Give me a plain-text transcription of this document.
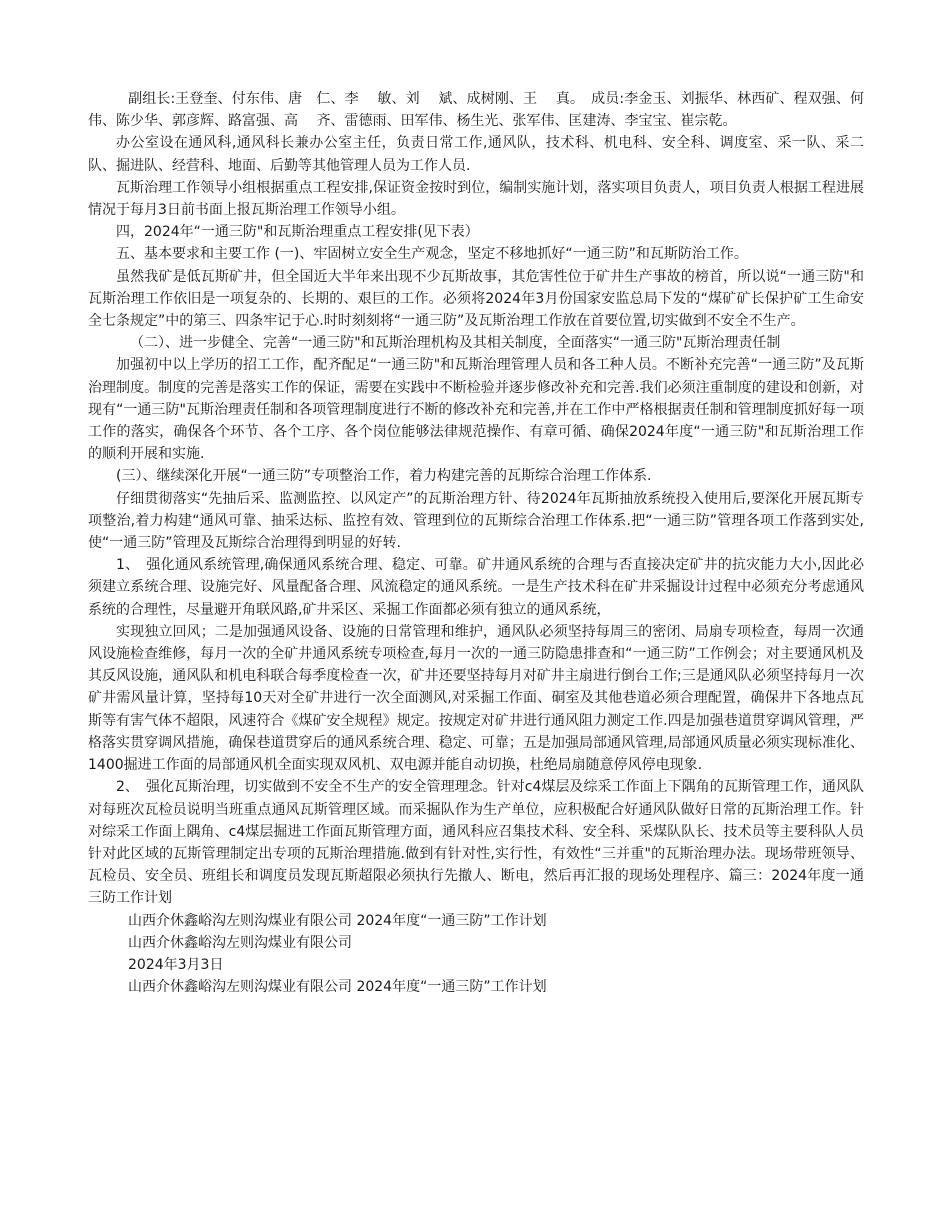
副组长:王登奎、付东伟、唐　仁、李　 敏、刘　 斌、成树刚、王　 真。　成员:李金玉、刘振华、林西矿、程双强、何　 伟、陈少华、郭彦辉、路富强、高　 齐、雷德雨、田军伟、杨生光、张军伟、匡建涛、李宝宝、崔宗乾。

办公室设在通风科,通风科长兼办公室主任，负责日常工作,通风队，技术科、机电科、安全科、调度室、采一队、采二队、掘进队、经营科、地面、后勤等其他管理人员为工作人员.

瓦斯治理工作领导小组根据重点工程安排,保证资金按时到位，编制实施计划，落实项目负责人，项目负责人根据工程进展情况于每月3日前书面上报瓦斯治理工作领导小组。

四，2024年“一通三防"和瓦斯治理重点工程安排(见下表）

五、基本要求和主要工作 (一)、牢固树立安全生产观念，坚定不移地抓好“一通三防”和瓦斯防治工作。

虽然我矿是低瓦斯矿井，但全国近大半年来出现不少瓦斯故事，其危害性位于矿井生产事故的榜首，所以说“一通三防"和瓦斯治理工作依旧是一项复杂的、长期的、艰巨的工作。必须将2024年3月份国家安监总局下发的“煤矿矿长保护矿工生命安全七条规定”中的第三、四条牢记于心.时时刻刻将“一通三防”及瓦斯治理工作放在首要位置,切实做到不安全不生产。

（二）、进一步健全、完善“一通三防"和瓦斯治理机构及其相关制度，全面落实“一通三防"瓦斯治理责任制

加强初中以上学历的招工工作，配齐配足“一通三防"和瓦斯治理管理人员和各工种人员。不断补充完善“一通三防”及瓦斯治理制度。制度的完善是落实工作的保证，需要在实践中不断检验并逐步修改补充和完善.我们必须注重制度的建设和创新，对现有“一通三防"瓦斯治理责任制和各项管理制度进行不断的修改补充和完善,并在工作中严格根据责任制和管理制度抓好每一项工作的落实，确保各个环节、各个工序、各个岗位能够法律规范操作、有章可循、确保2024年度“一通三防"和瓦斯治理工作的顺利开展和实施.

(三）、继续深化开展“一通三防”专项整治工作，着力构建完善的瓦斯综合治理工作体系.

仔细贯彻落实“先抽后采、监测监控、以风定产”的瓦斯治理方针、待2024年瓦斯抽放系统投入使用后,要深化开展瓦斯专项整治,着力构建“通风可靠、抽采达标、监控有效、管理到位的瓦斯综合治理工作体系.把“一通三防”管理各项工作落到实处,使“一通三防”管理及瓦斯综合治理得到明显的好转.

1、　强化通风系统管理,确保通风系统合理、稳定、可靠。矿井通风系统的合理与否直接决定矿井的抗灾能力大小,因此必须建立系统合理、设施完好、风量配备合理、风流稳定的通风系统。一是生产技术科在矿井采掘设计过程中必须充分考虑通风系统的合理性，尽量避开角联风路,矿井采区、采掘工作面都必须有独立的通风系统，

实现独立回风；二是加强通风设备、设施的日常管理和维护，通风队必须坚持每周三的密闭、局扇专项检查，每周一次通风设施检查维修，每月一次的全矿井通风系统专项检查,每月一次的一通三防隐患排查和“一通三防”工作例会；对主要通风机及其反风设施，通风队和机电科联合每季度检查一次，矿井还要坚持每月对矿井主扇进行倒台工作;三是通风队必须坚持每月一次矿井需风量计算，坚持每10天对全矿井进行一次全面测风,对采掘工作面、硐室及其他巷道必须合理配置，确保井下各地点瓦斯等有害气体不超限，风速符合《煤矿安全规程》规定。按规定对矿井进行通风阻力测定工作.四是加强巷道贯穿调风管理，严格落实贯穿调风措施，确保巷道贯穿后的通风系统合理、稳定、可靠；五是加强局部通风管理,局部通风质量必须实现标准化、1400掘进工作面的局部通风机全面实现双风机、双电源并能自动切换，杜绝局扇随意停风停电现象.

2、　强化瓦斯治理，切实做到不安全不生产的安全管理理念。针对c4煤层及综采工作面上下隅角的瓦斯管理工作，通风队对每班次瓦检员说明当班重点通风瓦斯管理区域。而采掘队作为生产单位，应积极配合好通风队做好日常的瓦斯治理工作。针对综采工作面上隅角、c4煤层掘进工作面瓦斯管理方面，通风科应召集技术科、安全科、采煤队队长、技术员等主要科队人员针对此区域的瓦斯管理制定出专项的瓦斯治理措施.做到有针对性,实行性，有效性“三并重"的瓦斯治理办法。现场带班领导、瓦检员、安全员、班组长和调度员发现瓦斯超限必须执行先撤人、断电，然后再汇报的现场处理程序、篇三：2024年度一通三防工作计划

山西介休鑫峪沟左则沟煤业有限公司 2024年度“一通三防”工作计划

山西介休鑫峪沟左则沟煤业有限公司

2024年3月3日

山西介休鑫峪沟左则沟煤业有限公司 2024年度“一通三防”工作计划
